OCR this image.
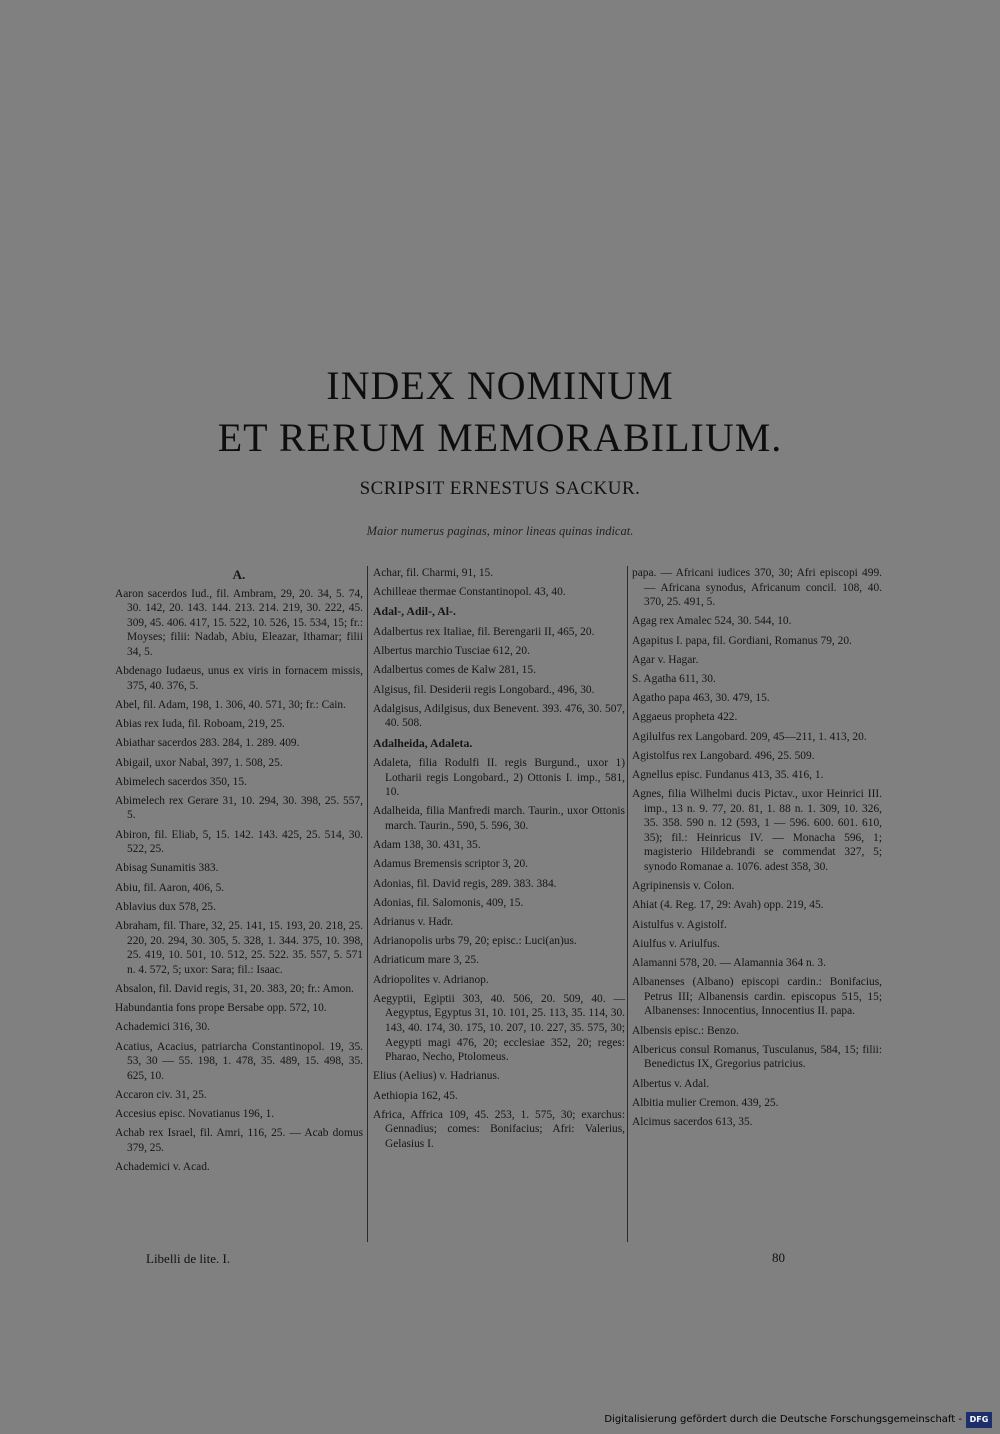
INDEX NOMINUM
ET RERUM MEMORABILIUM.
SCRIPSIT ERNESTUS SACKUR.
Maior numerus paginas, minor lineas quinas indicat.
A.
Aaron sacerdos Iud., fil. Ambram, 29, 20. 34, 5. 74, 30. 142, 20. 143. 144. 213. 214. 219, 30. 222, 45. 309, 45. 406. 417, 15. 522, 10. 526, 15. 534, 15; fr.: Moyses; filii: Nadab, Abiu, Eleazar, Ithamar; filii 34, 5.
Abdenago Iudaeus, unus ex viris in fornacem missis, 375, 40. 376, 5.
Abel, fil. Adam, 198, 1. 306, 40. 571, 30; fr.: Cain.
Abias rex Iuda, fil. Roboam, 219, 25.
Abiathar sacerdos 283. 284, 1. 289. 409.
Abigail, uxor Nabal, 397, 1. 508, 25.
Abimelech sacerdos 350, 15.
Abimelech rex Gerare 31, 10. 294, 30. 398, 25. 557, 5.
Abiron, fil. Eliab, 5, 15. 142. 143. 425, 25. 514, 30. 522, 25.
Abisag Sunamitis 383.
Abiu, fil. Aaron, 406, 5.
Ablavius dux 578, 25.
Abraham, fil. Thare, 32, 25. 141, 15. 193, 20. 218, 25. 220, 20. 294, 30. 305, 5. 328, 1. 344. 375, 10. 398, 25. 419, 10. 501, 10. 512, 25. 522. 35. 557, 5. 571 n. 4. 572, 5; uxor: Sara; fil.: Isaac.
Absalon, fil. David regis, 31, 20. 383, 20; fr.: Amon.
Habundantia fons prope Bersabe opp. 572, 10.
Achademici 316, 30.
Acatius, Acacius, patriarcha Constantinopol. 19, 35. 53, 30 — 55. 198, 1. 478, 35. 489, 15. 498, 35. 625, 10.
Accaron civ. 31, 25.
Accesius episc. Novatianus 196, 1.
Achab rex Israel, fil. Amri, 116, 25. — Acab domus 379, 25.
Achademici v. Acad.
Achar, fil. Charmi, 91, 15.
Achilleae thermae Constantinopol. 43, 40.
Adal-, Adil-, Al-.
Adalbertus rex Italiae, fil. Berengarii II, 465, 20.
Albertus marchio Tusciae 612, 20.
Adalbertus comes de Kalw 281, 15.
Algisus, fil. Desiderii regis Longobard., 496, 30.
Adalgisus, Adilgisus, dux Benevent. 393. 476, 30. 507, 40. 508.
Adalheida, Adaleta.
Adaleta, filia Rodulfi II. regis Burgund., uxor 1) Lotharii regis Longobard., 2) Ottonis I. imp., 581, 10.
Adalheida, filia Manfredi march. Taurin., uxor Ottonis march. Taurin., 590, 5. 596, 30.
Adam 138, 30. 431, 35.
Adamus Bremensis scriptor 3, 20.
Adonias, fil. David regis, 289. 383. 384.
Adonias, fil. Salomonis, 409, 15.
Adrianus v. Hadr.
Adrianopolis urbs 79, 20; episc.: Luci(an)us.
Adriaticum mare 3, 25.
Adriopolites v. Adrianop.
Aegyptii, Egiptii 303, 40. 506, 20. 509, 40. — Aegyptus, Egyptus 31, 10. 101, 25. 113, 35. 114, 30. 143, 40. 174, 30. 175, 10. 207, 10. 227, 35. 575, 30; Aegypti magi 476, 20; ecclesiae 352, 20; reges: Pharao, Necho, Ptolomeus.
Elius (Aelius) v. Hadrianus.
Aethiopia 162, 45.
Africa, Affrica 109, 45. 253, 1. 575, 30; exarchus: Gennadius; comes: Bonifacius; Afri: Valerius, Gelasius I.
papa. — Africani iudices 370, 30; Afri episcopi 499. — Africana synodus, Africanum concil. 108, 40. 370, 25. 491, 5.
Agag rex Amalec 524, 30. 544, 10.
Agapitus I. papa, fil. Gordiani, Romanus 79, 20.
Agar v. Hagar.
S. Agatha 611, 30.
Agatho papa 463, 30. 479, 15.
Aggaeus propheta 422.
Agilulfus rex Langobard. 209, 45—211, 1. 413, 20.
Agistolfus rex Langobard. 496, 25. 509.
Agnellus episc. Fundanus 413, 35. 416, 1.
Agnes, filia Wilhelmi ducis Pictav., uxor Heinrici III. imp., 13 n. 9. 77, 20. 81, 1. 88 n. 1. 309, 10. 326, 35. 358. 590 n. 12 (593, 1 — 596. 600. 601. 610, 35); fil.: Heinricus IV. — Monacha 596, 1; magisterio Hildebrandi se commendat 327, 5; synodo Romanae a. 1076. adest 358, 30.
Agripinensis v. Colon.
Ahiat (4. Reg. 17, 29: Avah) opp. 219, 45.
Aistulfus v. Agistolf.
Aiulfus v. Ariulfus.
Alamanni 578, 20. — Alamannia 364 n. 3.
Albanenses (Albano) episcopi cardin.: Bonifacius, Petrus III; Albanensis cardin. episcopus 515, 15; Albanenses: Innocentius, Innocentius II. papa.
Albensis episc.: Benzo.
Albericus consul Romanus, Tusculanus, 584, 15; filii: Benedictus IX, Gregorius patricius.
Albertus v. Adal.
Albitia mulier Cremon. 439, 25.
Alcimus sacerdos 613, 35.
Libelli de lite. I.	80
Digitalisierung gefördert durch die Deutsche Forschungsgemeinschaft - DFG
